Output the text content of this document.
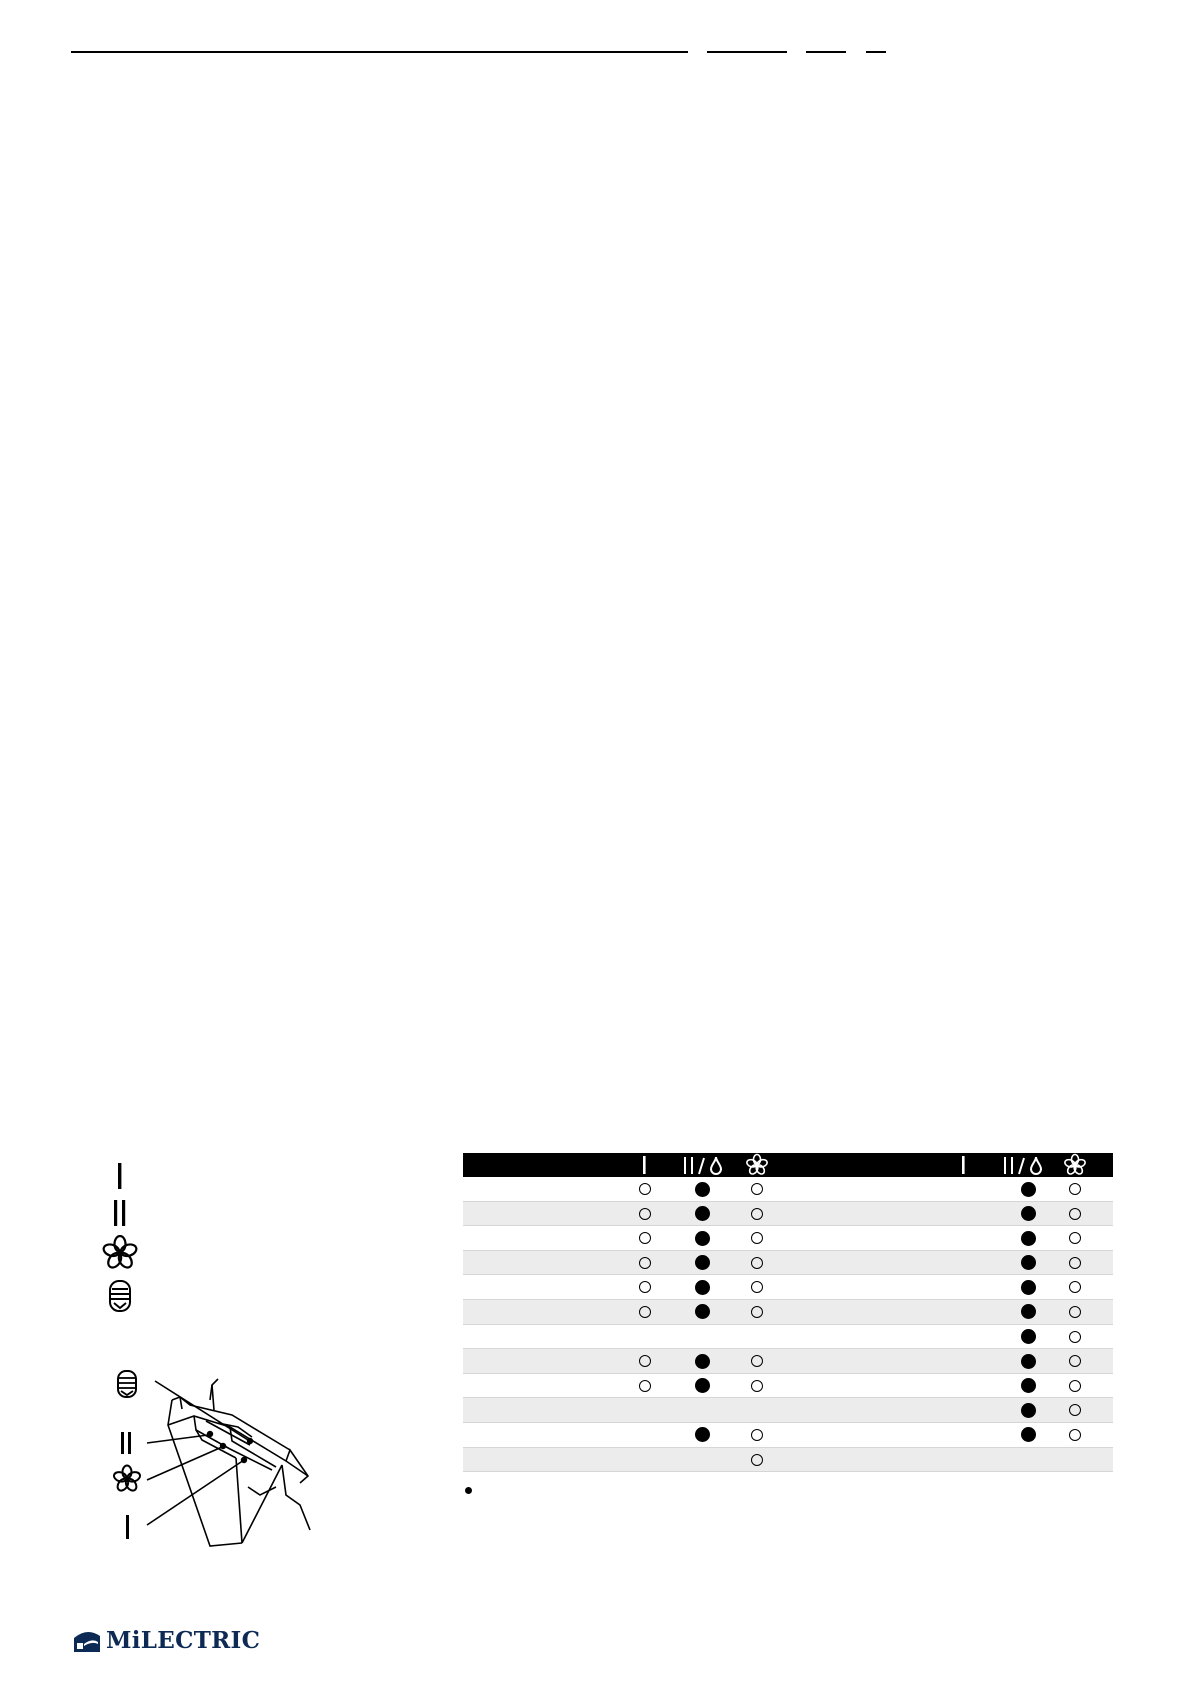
MiLECTRIC
